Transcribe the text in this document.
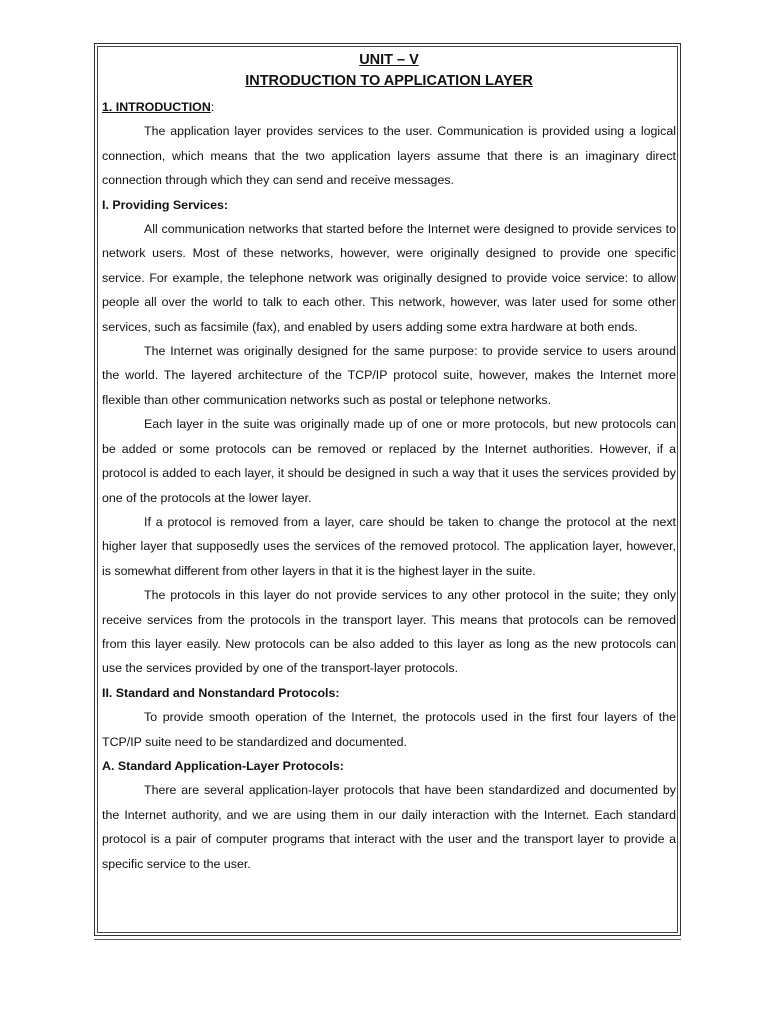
UNIT – V
INTRODUCTION TO APPLICATION LAYER
1. INTRODUCTION:

The application layer provides services to the user. Communication is provided using a logical connection, which means that the two application layers assume that there is an imaginary direct connection through which they can send and receive messages.

I. Providing Services:

All communication networks that started before the Internet were designed to provide services to network users. Most of these networks, however, were originally designed to provide one specific service. For example, the telephone network was originally designed to provide voice service: to allow people all over the world to talk to each other. This network, however, was later used for some other services, such as facsimile (fax), and enabled by users adding some extra hardware at both ends.

The Internet was originally designed for the same purpose: to provide service to users around the world. The layered architecture of the TCP/IP protocol suite, however, makes the Internet more flexible than other communication networks such as postal or telephone networks.

Each layer in the suite was originally made up of one or more protocols, but new protocols can be added or some protocols can be removed or replaced by the Internet authorities. However, if a protocol is added to each layer, it should be designed in such a way that it uses the services provided by one of the protocols at the lower layer.

If a protocol is removed from a layer, care should be taken to change the protocol at the next higher layer that supposedly uses the services of the removed protocol. The application layer, however, is somewhat different from other layers in that it is the highest layer in the suite.

The protocols in this layer do not provide services to any other protocol in the suite; they only receive services from the protocols in the transport layer. This means that protocols can be removed from this layer easily. New protocols can be also added to this layer as long as the new protocols can use the services provided by one of the transport-layer protocols.

II. Standard and Nonstandard Protocols:

To provide smooth operation of the Internet, the protocols used in the first four layers of the TCP/IP suite need to be standardized and documented.

A. Standard Application-Layer Protocols:

There are several application-layer protocols that have been standardized and documented by the Internet authority, and we are using them in our daily interaction with the Internet. Each standard protocol is a pair of computer programs that interact with the user and the transport layer to provide a specific service to the user.
